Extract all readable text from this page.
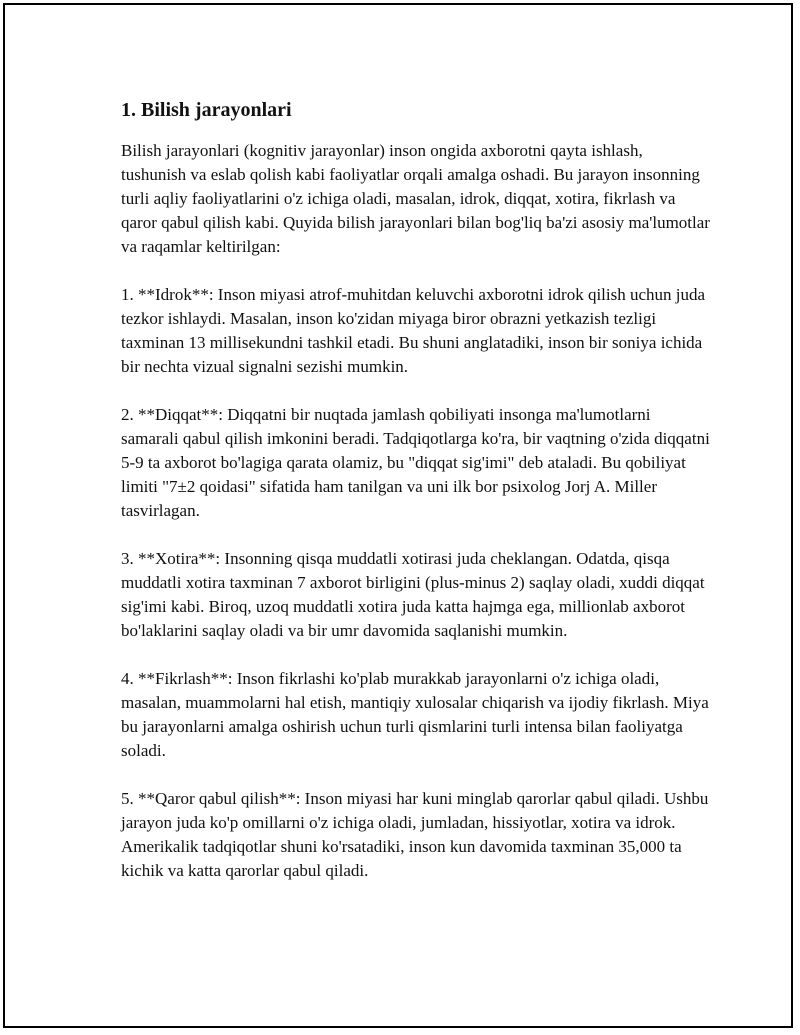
1. Bilish jarayonlari

Bilish jarayonlari (kognitiv jarayonlar) inson ongida axborotni qayta ishlash, tushunish va eslab qolish kabi faoliyatlar orqali amalga oshadi. Bu jarayon insonning turli aqliy faoliyatlarini o'z ichiga oladi, masalan, idrok, diqqat, xotira, fikrlash va qaror qabul qilish kabi. Quyida bilish jarayonlari bilan bog'liq ba'zi asosiy ma'lumotlar va raqamlar keltirilgan:

1. **Idrok**: Inson miyasi atrof-muhitdan keluvchi axborotni idrok qilish uchun juda tezkor ishlaydi. Masalan, inson ko'zidan miyaga biror obrazni yetkazish tezligi taxminan 13 millisekundni tashkil etadi. Bu shuni anglatadiki, inson bir soniya ichida bir nechta vizual signalni sezishi mumkin.

2. **Diqqat**: Diqqatni bir nuqtada jamlash qobiliyati insonga ma'lumotlarni samarali qabul qilish imkonini beradi. Tadqiqotlarga ko'ra, bir vaqtning o'zida diqqatni 5-9 ta axborot bo'lagiga qarata olamiz, bu "diqqat sig'imi" deb ataladi. Bu qobiliyat limiti "7±2 qoidasi" sifatida ham tanilgan va uni ilk bor psixolog Jorj A. Miller tasvirlagan.

3. **Xotira**: Insonning qisqa muddatli xotirasi juda cheklangan. Odatda, qisqa muddatli xotira taxminan 7 axborot birligini (plus-minus 2) saqlay oladi, xuddi diqqat sig'imi kabi. Biroq, uzoq muddatli xotira juda katta hajmga ega, millionlab axborot bo'laklarini saqlay oladi va bir umr davomida saqlanishi mumkin.

4. **Fikrlash**: Inson fikrlashi ko'plab murakkab jarayonlarni o'z ichiga oladi, masalan, muammolarni hal etish, mantiqiy xulosalar chiqarish va ijodiy fikrlash. Miya bu jarayonlarni amalga oshirish uchun turli qismlarini turli intensa bilan faoliyatga soladi.

5. **Qaror qabul qilish**: Inson miyasi har kuni minglab qarorlar qabul qiladi. Ushbu jarayon juda ko'p omillarni o'z ichiga oladi, jumladan, hissiyotlar, xotira va idrok. Amerikalik tadqiqotlar shuni ko'rsatadiki, inson kun davomida taxminan 35,000 ta kichik va katta qarorlar qabul qiladi.
